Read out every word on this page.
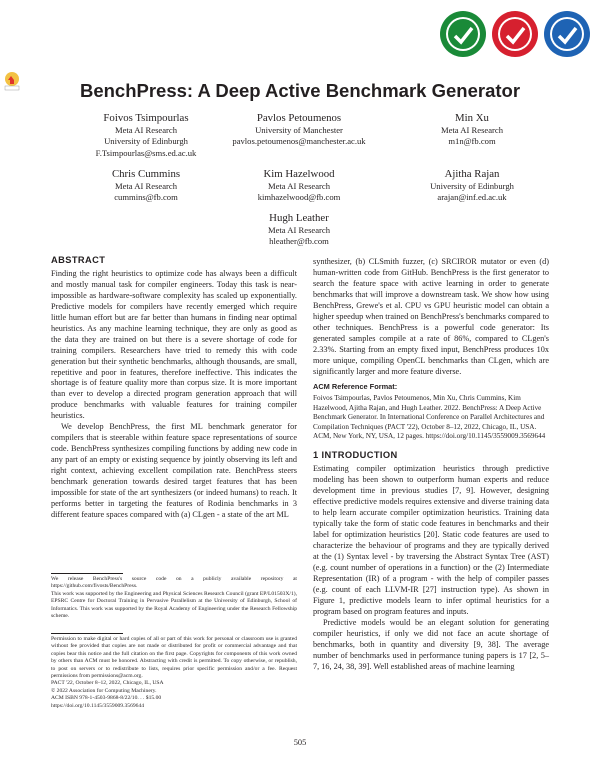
BenchPress: A Deep Active Benchmark Generator
Foivos Tsimpourlas
Meta AI Research
University of Edinburgh
F.Tsimpourlas@sms.ed.ac.uk
Pavlos Petoumenos
University of Manchester
pavlos.petoumenos@manchester.ac.uk
Min Xu
Meta AI Research
m1n@fb.com
Chris Cummins
Meta AI Research
cummins@fb.com
Kim Hazelwood
Meta AI Research
kimhazelwood@fb.com
Ajitha Rajan
University of Edinburgh
arajan@inf.ed.ac.uk
Hugh Leather
Meta AI Research
hleather@fb.com
ABSTRACT

Finding the right heuristics to optimize code has always been a difficult and mostly manual task for compiler engineers. Today this task is near-impossible as hardware-software complexity has scaled up exponentially. Predictive models for compilers have recently emerged which require little human effort but are far better than humans in finding near optimal heuristics. As any machine learning technique, they are only as good as the data they are trained on but there is a severe shortage of code for training compilers. Researchers have tried to remedy this with code generation but their synthetic benchmarks, although thousands, are small, repetitive and poor in features, therefore ineffective. This indicates the shortage is of feature quality more than corpus size. It is more important than ever to develop a directed program generation approach that will produce benchmarks with valuable features for training compiler heuristics.

We develop BenchPress, the first ML benchmark generator for compilers that is steerable within feature space representations of source code. BenchPress synthesizes compiling functions by adding new code in any part of an empty or existing sequence by jointly observing its left and right context, achieving excellent compilation rate. BenchPress steers benchmark generation towards desired target features that has been impossible for state of the art synthesizers (or indeed humans) to reach. It performs better in targeting the features of Rodinia benchmarks in 3 different feature spaces compared with (a) CLgen - a state of the art ML

We release BenchPress's source code on a publicly available repository at https://github.com/fivosts/BenchPress.

This work was supported by the Engineering and Physical Sciences Research Council (grant EP/L01503X/1), EPSRC Centre for Doctoral Training in Pervasive Parallelism at the University of Edinburgh, School of Informatics. This work was supported by the Royal Academy of Engineering under the Research Fellowship scheme.

Permission to make digital or hard copies of all or part of this work for personal or classroom use is granted without fee provided that copies are not made or distributed for profit or commercial advantage and that copies bear this notice and the full citation on the first page. Copyrights for components of this work owned by others than ACM must be honored. Abstracting with credit is permitted. To copy otherwise, or republish, to post on servers or to redistribute to lists, requires prior specific permission and/or a fee. Request permissions from permissions@acm.org.

PACT '22, October 8–12, 2022, Chicago, IL, USA

© 2022 Association for Computing Machinery.

ACM ISBN 978-1-4503-9868-8/22/10. . . $15.00

https://doi.org/10.1145/3559009.3569644

synthesizer, (b) CLSmith fuzzer, (c) SRCIROR mutator or even (d) human-written code from GitHub. BenchPress is the first generator to search the feature space with active learning in order to generate benchmarks that will improve a downstream task. We show how using BenchPress, Grewe's et al. CPU vs GPU heuristic model can obtain a higher speedup when trained on BenchPress's benchmarks compared to other techniques. BenchPress is a powerful code generator: Its generated samples compile at a rate of 86%, compared to CLgen's 2.33%. Starting from an empty fixed input, BenchPress produces 10x more unique, compiling OpenCL benchmarks than CLgen, which are significantly larger and more feature diverse.

ACM Reference Format:

Foivos Tsimpourlas, Pavlos Petoumenos, Min Xu, Chris Cummins, Kim Hazelwood, Ajitha Rajan, and Hugh Leather. 2022. BenchPress: A Deep Active Benchmark Generator. In International Conference on Parallel Architectures and Compilation Techniques (PACT '22), October 8–12, 2022, Chicago, IL, USA. ACM, New York, NY, USA, 12 pages. https://doi.org/10.1145/3559009.3569644

1 INTRODUCTION

Estimating compiler optimization heuristics through predictive modeling has been shown to outperform human experts and reduce development time in previous studies [7, 9]. However, designing effective predictive models requires extensive and diverse training data to help learn accurate compiler optimization heuristics. Training data typically take the form of static code features in benchmarks and their label for optimization heuristics [20]. Static code features are used to characterize the behaviour of programs and they are typically derived at the (1) Syntax level - by traversing the Abstract Syntax Tree (AST) (e.g. count number of operations in a function) or the (2) Intermediate Representation (IR) of a program - with the help of compiler passes (e.g. count of each LLVM-IR [27] instruction type). As shown in Figure 1, predictive models learn to infer optimal heuristics for a program based on program features and inputs.

Predictive models would be an elegant solution for generating compiler heuristics, if only we did not face an acute shortage of benchmarks, both in quantity and diversity [9, 38]. The average number of benchmarks used in performance tuning papers is 17 [2, 5–7, 16, 24, 38, 39]. Well established areas of machine learning

505
